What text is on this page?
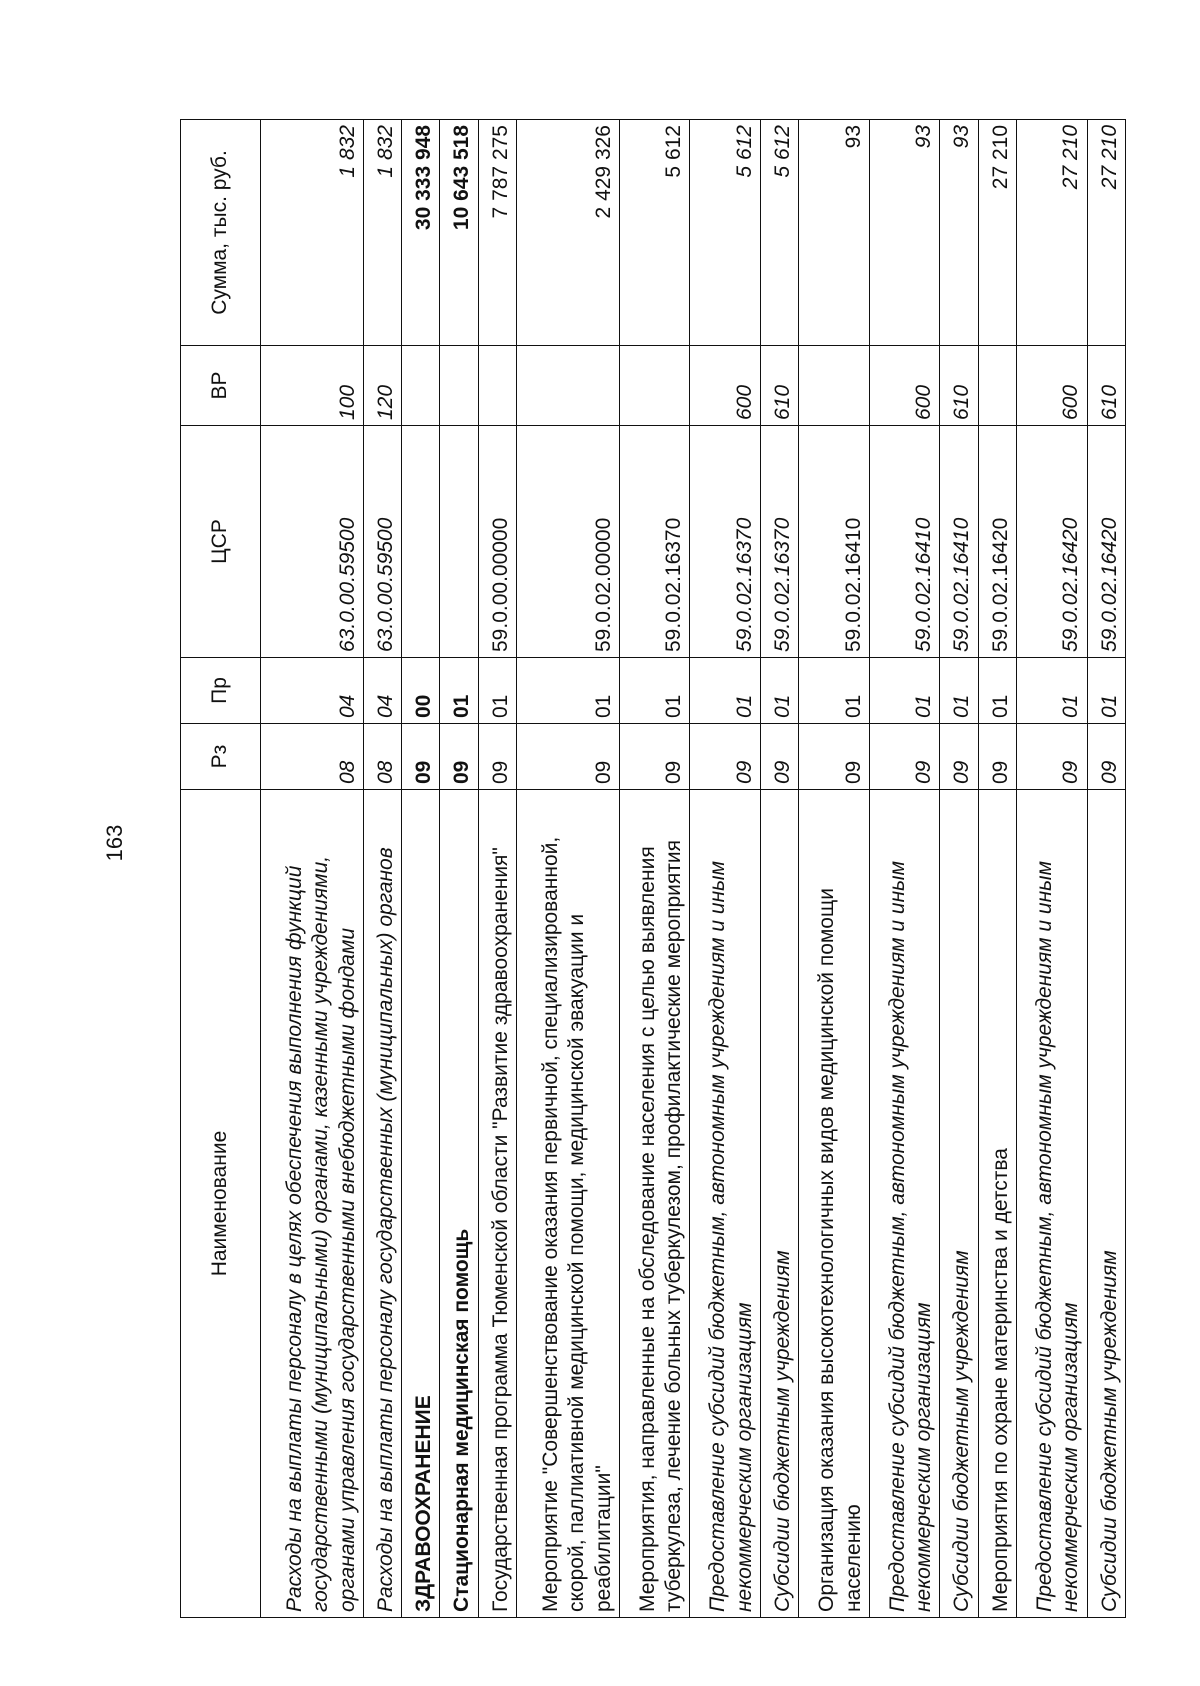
163
Наименование	Рз	Пр	ЦСР	ВР	Сумма, тыс. руб.
Расходы на выплаты персоналу в целях обеспечения выполнения функций государственными (муниципальными) органами, казенными учреждениями, органами управления государственными внебюджетными фондами	08	04	63.0.00.59500	100	1 832
Расходы на выплаты персоналу государственных (муниципальных) органов	08	04	63.0.00.59500	120	1 832
ЗДРАВООХРАНЕНИЕ	09	00			30 333 948
Стационарная медицинская помощь	09	01			10 643 518
Государственная программа Тюменской области "Развитие здравоохранения"	09	01	59.0.00.00000		7 787 275
Мероприятие "Совершенствование оказания первичной, специализированной, скорой, паллиативной медицинской помощи, медицинской эвакуации и реабилитации"	09	01	59.0.02.00000		2 429 326
Мероприятия, направленные на обследование населения с целью выявления туберкулеза, лечение больных туберкулезом, профилактические мероприятия	09	01	59.0.02.16370		5 612
Предоставление субсидий бюджетным, автономным учреждениям и иным некоммерческим организациям	09	01	59.0.02.16370	600	5 612
Субсидии бюджетным учреждениям	09	01	59.0.02.16370	610	5 612
Организация оказания высокотехнологичных видов медицинской помощи населению	09	01	59.0.02.16410		93
Предоставление субсидий бюджетным, автономным учреждениям и иным некоммерческим организациям	09	01	59.0.02.16410	600	93
Субсидии бюджетным учреждениям	09	01	59.0.02.16410	610	93
Мероприятия по охране материнства и детства	09	01	59.0.02.16420		27 210
Предоставление субсидий бюджетным, автономным учреждениям и иным некоммерческим организациям	09	01	59.0.02.16420	600	27 210
Субсидии бюджетным учреждениям	09	01	59.0.02.16420	610	27 210
